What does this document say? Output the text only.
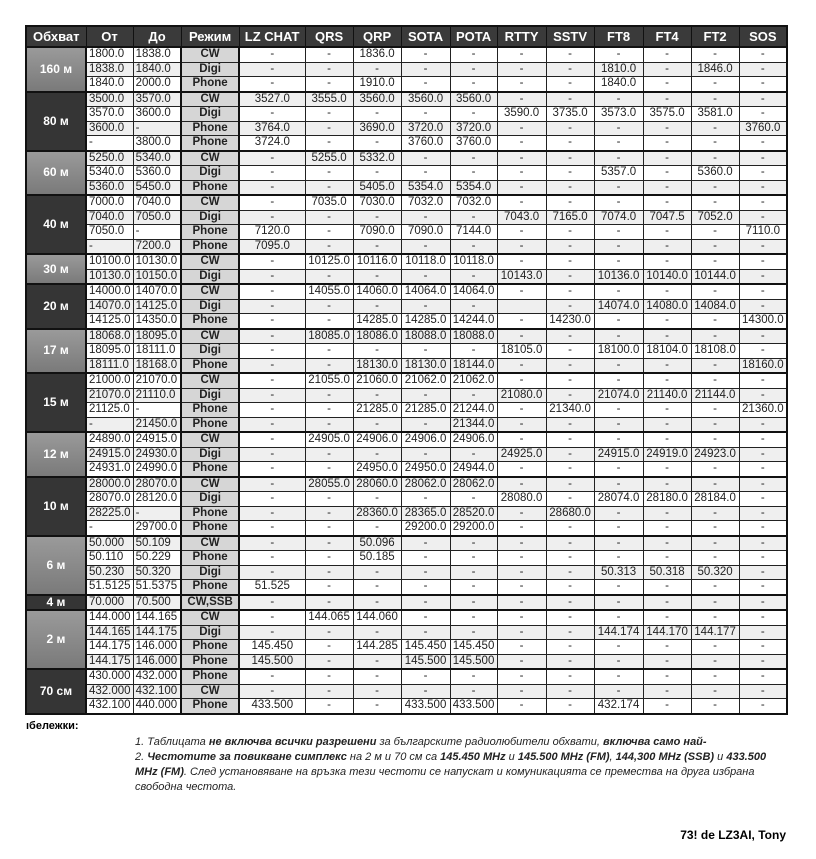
Обхват	От	До	Режим	LZ CHAT	QRS	QRP	SOTA	POTA	RTTY	SSTV	FT8	FT4	FT2	SOS
160 м	1800.0	1838.0	CW	-	-	1836.0	-	-	-	-	-	-	-	-
	1838.0	1840.0	Digi	-	-	-	-	-	-	-	1810.0	-	1846.0	-
	1840.0	2000.0	Phone	-	-	1910.0	-	-	-	-	1840.0	-	-	-
80 м	3500.0	3570.0	CW	3527.0	3555.0	3560.0	3560.0	3560.0	-	-	-	-	-	-
	3570.0	3600.0	Digi	-	-	-	-	-	3590.0	3735.0	3573.0	3575.0	3581.0	-
	3600.0	-	Phone	3764.0	-	3690.0	3720.0	3720.0	-	-	-	-	-	3760.0
	-	3800.0	Phone	3724.0	-	-	3760.0	3760.0	-	-	-	-	-	-
60 м	5250.0	5340.0	CW	-	5255.0	5332.0	-	-	-	-	-	-	-	-
	5340.0	5360.0	Digi	-	-	-	-	-	-	-	5357.0	-	5360.0	-
	5360.0	5450.0	Phone	-	-	5405.0	5354.0	5354.0	-	-	-	-	-	-
40 м	7000.0	7040.0	CW	-	7035.0	7030.0	7032.0	7032.0	-	-	-	-	-	-
	7040.0	7050.0	Digi	-	-	-	-	-	7043.0	7165.0	7074.0	7047.5	7052.0	-
	7050.0	-	Phone	7120.0	-	7090.0	7090.0	7144.0	-	-	-	-	-	7110.0
	-	7200.0	Phone	7095.0	-	-	-	-	-	-	-	-	-	-
30 м	10100.0	10130.0	CW	-	10125.0	10116.0	10118.0	10118.0	-	-	-	-	-	-
	10130.0	10150.0	Digi	-	-	-	-	-	10143.0	-	10136.0	10140.0	10144.0	-
20 м	14000.0	14070.0	CW	-	14055.0	14060.0	14064.0	14064.0	-	-	-	-	-	-
	14070.0	14125.0	Digi	-	-	-	-	-		-	14074.0	14080.0	14084.0	-
	14125.0	14350.0	Phone	-	-	14285.0	14285.0	14244.0	-	14230.0	-	-	-	14300.0
17 м	18068.0	18095.0	CW	-	18085.0	18086.0	18088.0	18088.0	-	-	-	-	-	-
	18095.0	18111.0	Digi	-	-	-	-	-	18105.0	-	18100.0	18104.0	18108.0	-
	18111.0	18168.0	Phone	-	-	18130.0	18130.0	18144.0	-	-	-	-	-	18160.0
15 м	21000.0	21070.0	CW	-	21055.0	21060.0	21062.0	21062.0	-	-	-	-	-	-
	21070.0	21110.0	Digi	-	-	-	-	-	21080.0	-	21074.0	21140.0	21144.0	-
	21125.0	-	Phone	-	-	21285.0	21285.0	21244.0	-	21340.0	-	-	-	21360.0
	-	21450.0	Phone	-	-	-	-	21344.0	-	-	-	-	-	-
12 м	24890.0	24915.0	CW	-	24905.0	24906.0	24906.0	24906.0	-	-	-	-	-	-
	24915.0	24930.0	Digi	-	-	-	-	-	24925.0	-	24915.0	24919.0	24923.0	-
	24931.0	24990.0	Phone	-	-	24950.0	24950.0	24944.0	-	-	-	-	-	-
10 м	28000.0	28070.0	CW	-	28055.0	28060.0	28062.0	28062.0	-	-	-	-	-	-
	28070.0	28120.0	Digi	-	-	-	-	-	28080.0	-	28074.0	28180.0	28184.0	-
	28225.0	-	Phone	-	-	28360.0	28365.0	28520.0	-	28680.0	-	-	-	-
	-	29700.0	Phone	-	-	-	29200.0	29200.0	-	-	-	-	-	-
6 м	50.000	50.109	CW	-	-	50.096	-	-	-	-	-	-	-	-
	50.110	50.229	Phone	-	-	50.185	-	-	-	-	-	-	-	-
	50.230	50.320	Digi	-	-	-	-	-	-	-	50.313	50.318	50.320	-
	51.5125	51.5375	Phone	51.525	-	-	-	-	-	-	-	-	-	-
4 м	70.000	70.500	CW,SSB	-	-	-	-	-	-	-	-	-	-	-
2 м	144.000	144.165	CW	-	144.065	144.060	-	-	-	-	-	-	-	-
	144.165	144.175	Digi	-	-	-	-	-	-	-	144.174	144.170	144.177	-
	144.175	146.000	Phone	145.450	-	144.285	145.450	145.450	-	-	-	-	-	-
	144.175	146.000	Phone	145.500	-	-	145.500	145.500	-	-	-	-	-	-
70 см	430.000	432.000	Phone	-	-	-	-	-	-	-	-	-	-	-
	432.000	432.100	CW	-	-	-	-	-	-	-	-	-	-	-
	432.100	440.000	Phone	433.500	-	-	433.500	433.500	-	-	432.174	-	-	-
ıбележки:
1. Таблицата не включва всички разрешени за българските радиолюбители обхвати, включва само най-
2. Честотите за повикване симплекс на 2 м и 70 см са 145.450 MHz и 145.500 MHz (FM), 144,300 MHz (SSB) и 433.500 MHz (FM). След установяване на връзка тези честоти се напускат и комуникацията се премества на друга избрана свободна честота.
73! de LZ3AI, Tony
